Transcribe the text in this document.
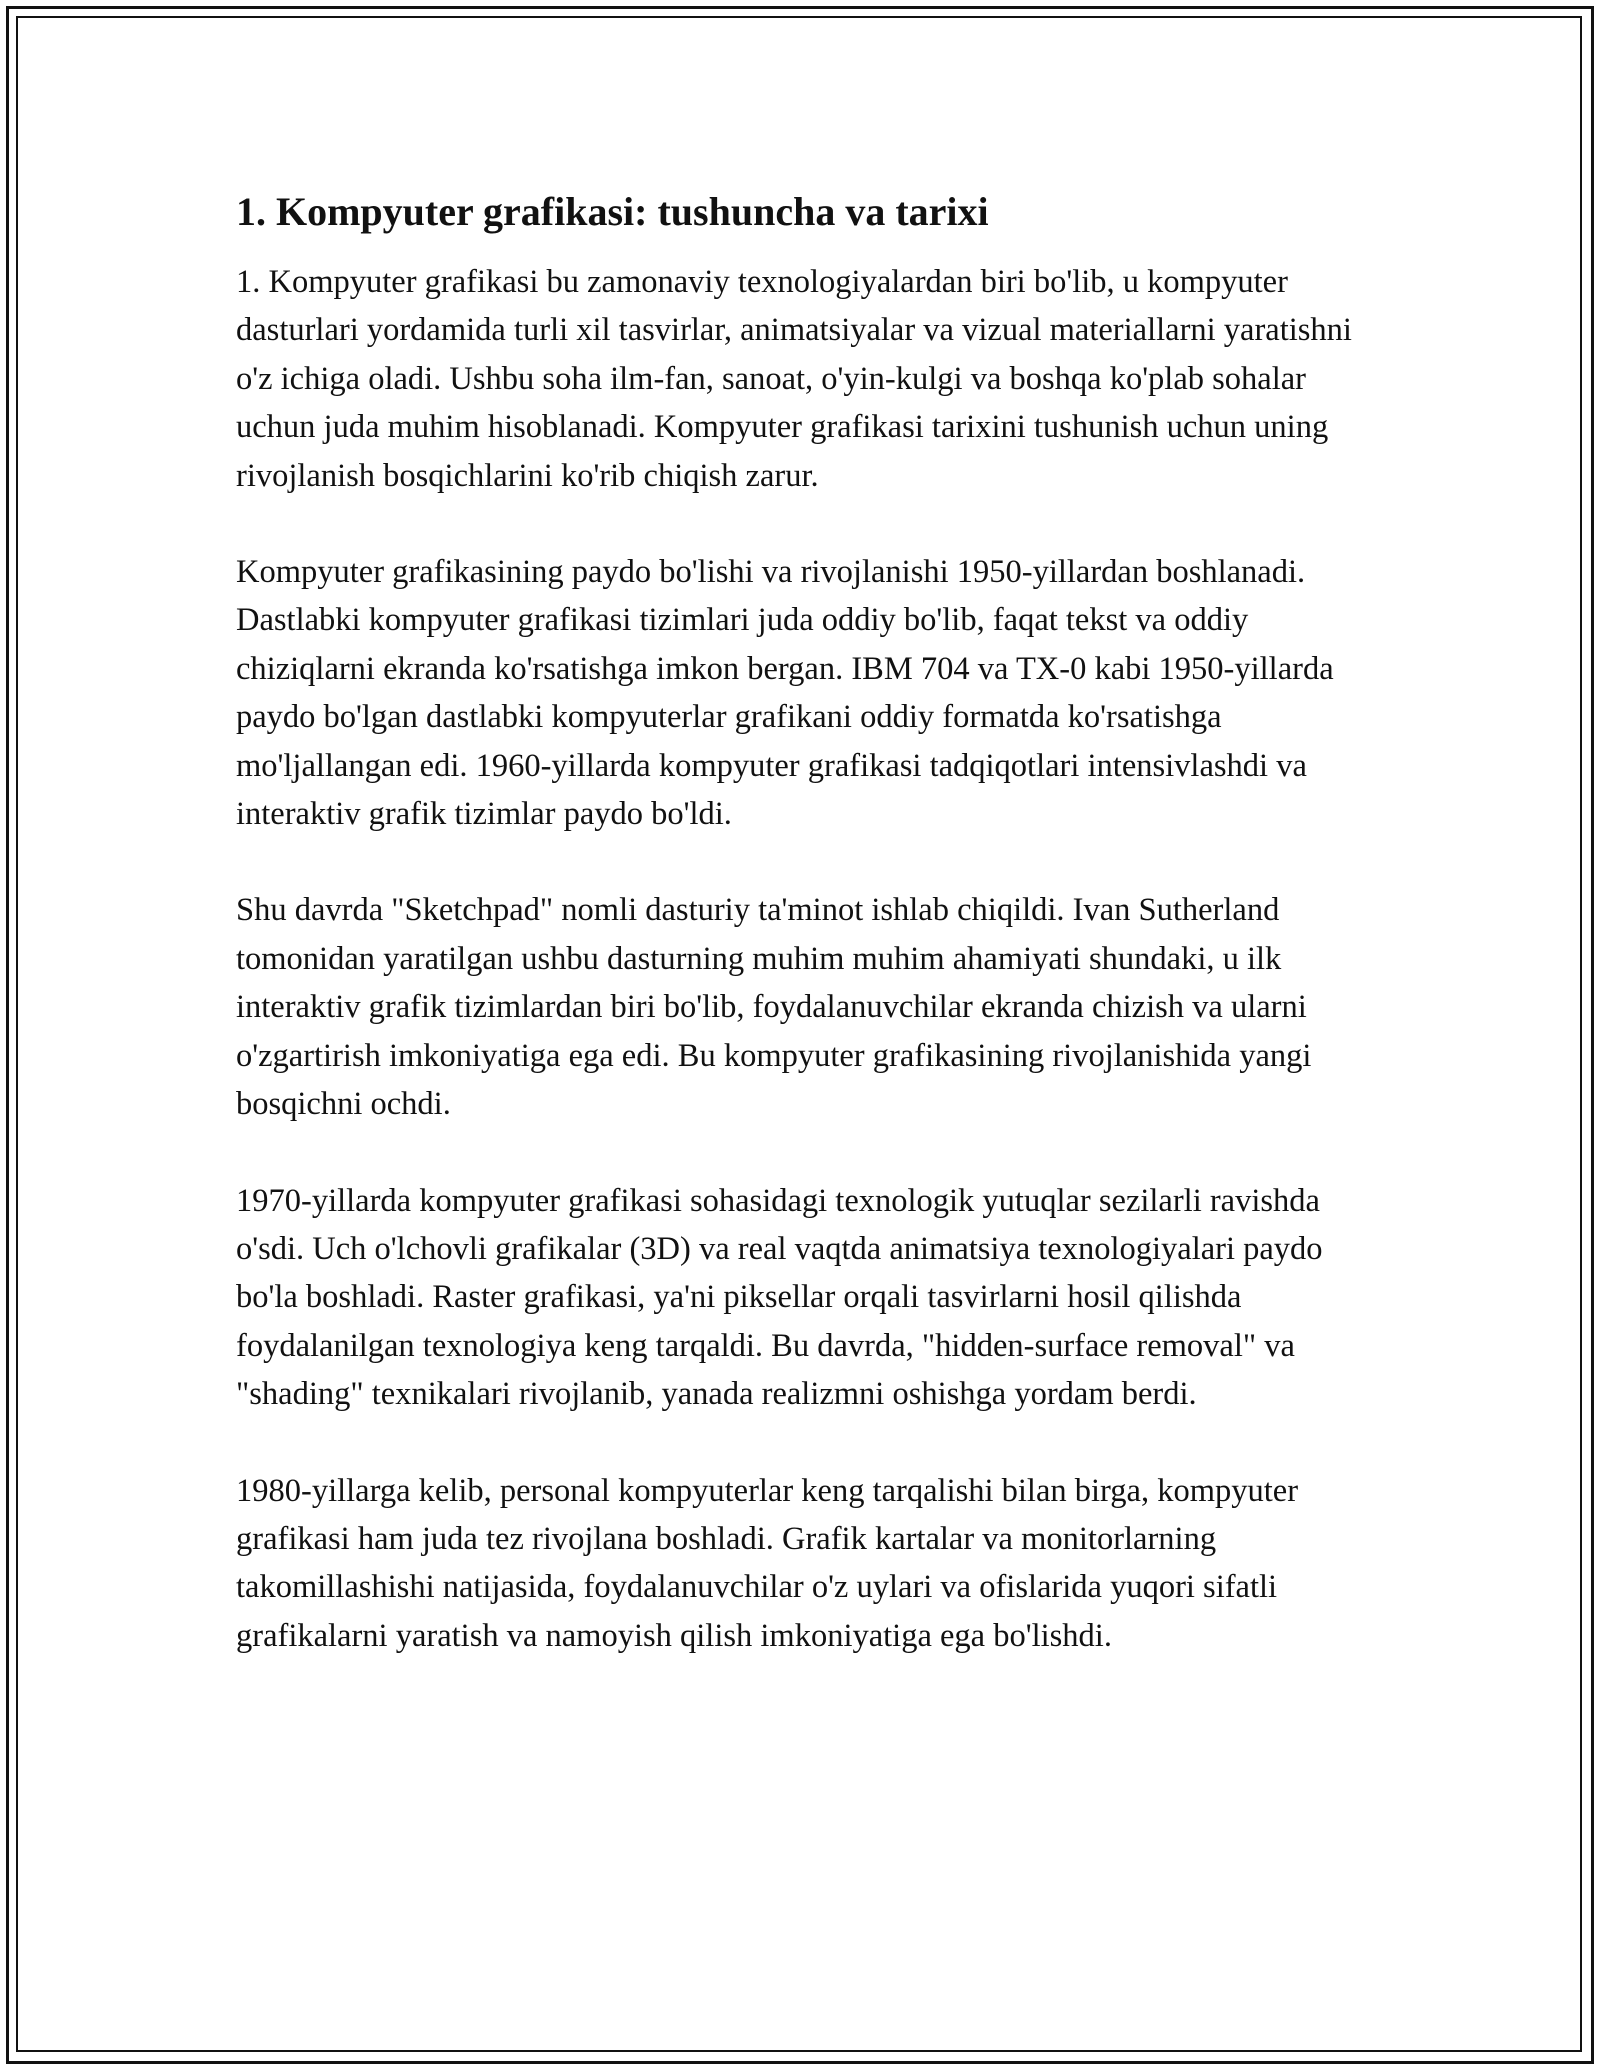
1. Kompyuter grafikasi: tushuncha va tarixi

1. Kompyuter grafikasi bu zamonaviy texnologiyalardan biri bo'lib, u kompyuter dasturlari yordamida turli xil tasvirlar, animatsiyalar va vizual materiallarni yaratishni o'z ichiga oladi. Ushbu soha ilm-fan, sanoat, o'yin-kulgi va boshqa ko'plab sohalar uchun juda muhim hisoblanadi. Kompyuter grafikasi tarixini tushunish uchun uning rivojlanish bosqichlarini ko'rib chiqish zarur.

Kompyuter grafikasining paydo bo'lishi va rivojlanishi 1950-yillardan boshlanadi. Dastlabki kompyuter grafikasi tizimlari juda oddiy bo'lib, faqat tekst va oddiy chiziqlarni ekranda ko'rsatishga imkon bergan. IBM 704 va TX-0 kabi 1950-yillarda paydo bo'lgan dastlabki kompyuterlar grafikani oddiy formatda ko'rsatishga mo'ljallangan edi. 1960-yillarda kompyuter grafikasi tadqiqotlari intensivlashdi va interaktiv grafik tizimlar paydo bo'ldi.

Shu davrda "Sketchpad" nomli dasturiy ta'minot ishlab chiqildi. Ivan Sutherland tomonidan yaratilgan ushbu dasturning muhim muhim ahamiyati shundaki, u ilk interaktiv grafik tizimlardan biri bo'lib, foydalanuvchilar ekranda chizish va ularni o'zgartirish imkoniyatiga ega edi. Bu kompyuter grafikasining rivojlanishida yangi bosqichni ochdi.

1970-yillarda kompyuter grafikasi sohasidagi texnologik yutuqlar sezilarli ravishda o'sdi. Uch o'lchovli grafikalar (3D) va real vaqtda animatsiya texnologiyalari paydo bo'la boshladi. Raster grafikasi, ya'ni piksellar orqali tasvirlarni hosil qilishda foydalanilgan texnologiya keng tarqaldi. Bu davrda, "hidden-surface removal" va "shading" texnikalari rivojlanib, yanada realizmni oshishga yordam berdi.

1980-yillarga kelib, personal kompyuterlar keng tarqalishi bilan birga, kompyuter grafikasi ham juda tez rivojlana boshladi. Grafik kartalar va monitorlarning takomillashishi natijasida, foydalanuvchilar o'z uylari va ofislarida yuqori sifatli grafikalarni yaratish va namoyish qilish imkoniyatiga ega bo'lishdi.
